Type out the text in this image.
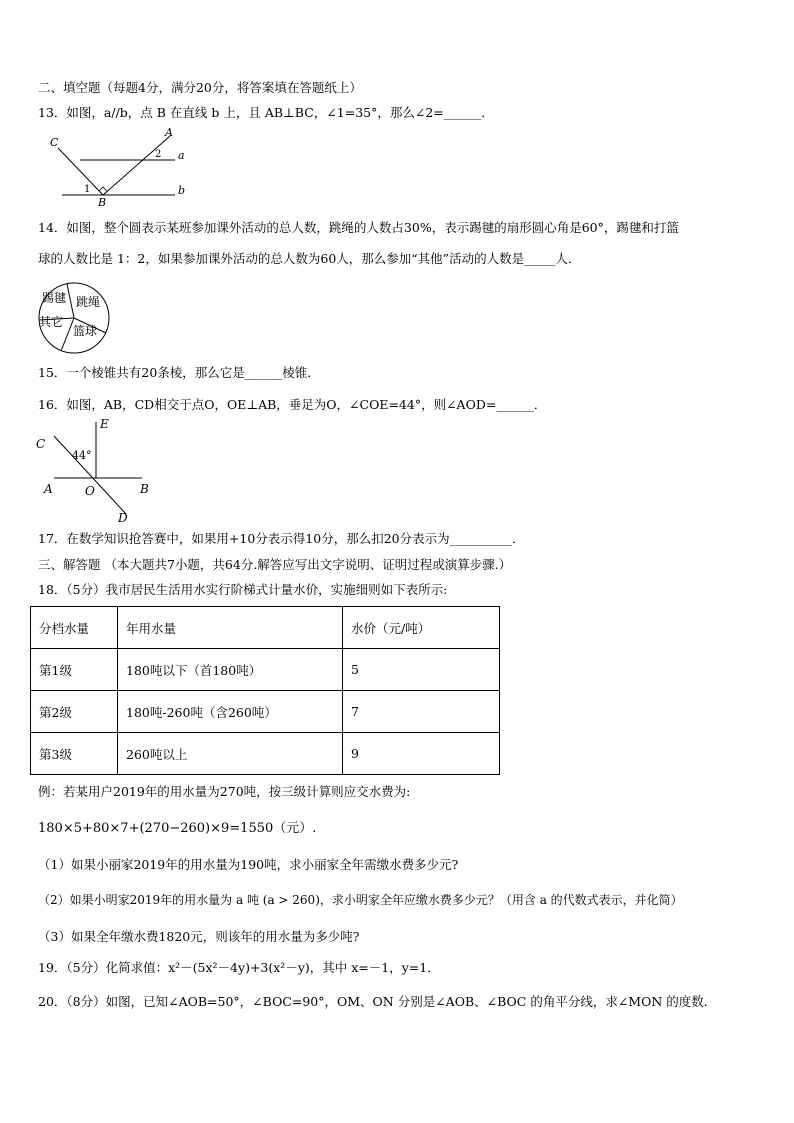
二、填空题（每题4分，满分20分，将答案填在答题纸上）
13．如图，a//b，点 B 在直线 b 上，且 AB⊥BC，∠1=35°，那么∠2=______．
C
A
2 a
1	b
B
14．如图，整个圆表示某班参加课外活动的总人数，跳绳的人数占30%，表示踢毽的扇形圆心角是60°，踢毽和打篮
球的人数比是 1：2，如果参加课外活动的总人数为60人，那么参加“其他”活动的人数是_____人．
踢毽 跳绳
其它
篮球
15．一个棱锥共有20条棱，那么它是______棱锥．
16．如图，AB，CD相交于点O，OE⊥AB，垂足为O，∠COE=44°，则∠AOD=______．
C
E
44°
A	O	B
D
17．在数学知识抢答赛中，如果用+10分表示得10分，那么扣20分表示为__________．
三、解答题 （本大题共7小题，共64分.解答应写出文字说明、证明过程或演算步骤.）
18．（5分）我市居民生活用水实行阶梯式计量水价，实施细则如下表所示:
分档水量	年用水量	水价（元/吨）
第1级	180吨以下（首180吨）	5
第2级	180吨-260吨（含260吨）	7
第3级	260吨以上	9
例：若某用户2019年的用水量为270吨，按三级计算则应交水费为:
180×5+80×7+(270−260)×9=1550（元）.
（1）如果小丽家2019年的用水量为190吨，求小丽家全年需缴水费多少元?
（2）如果小明家2019年的用水量为 a 吨 (a > 260)，求小明家全年应缴水费多少元？（用含 a 的代数式表示，并化简）
（3）如果全年缴水费1820元，则该年的用水量为多少吨?
19．（5分）化简求值：x²－(5x²－4y)+3(x²－y)，其中 x=－1，y=1．
20．（8分）如图，已知∠AOB=50°，∠BOC=90°，OM、ON 分别是∠AOB、∠BOC 的角平分线，求∠MON 的度数．
